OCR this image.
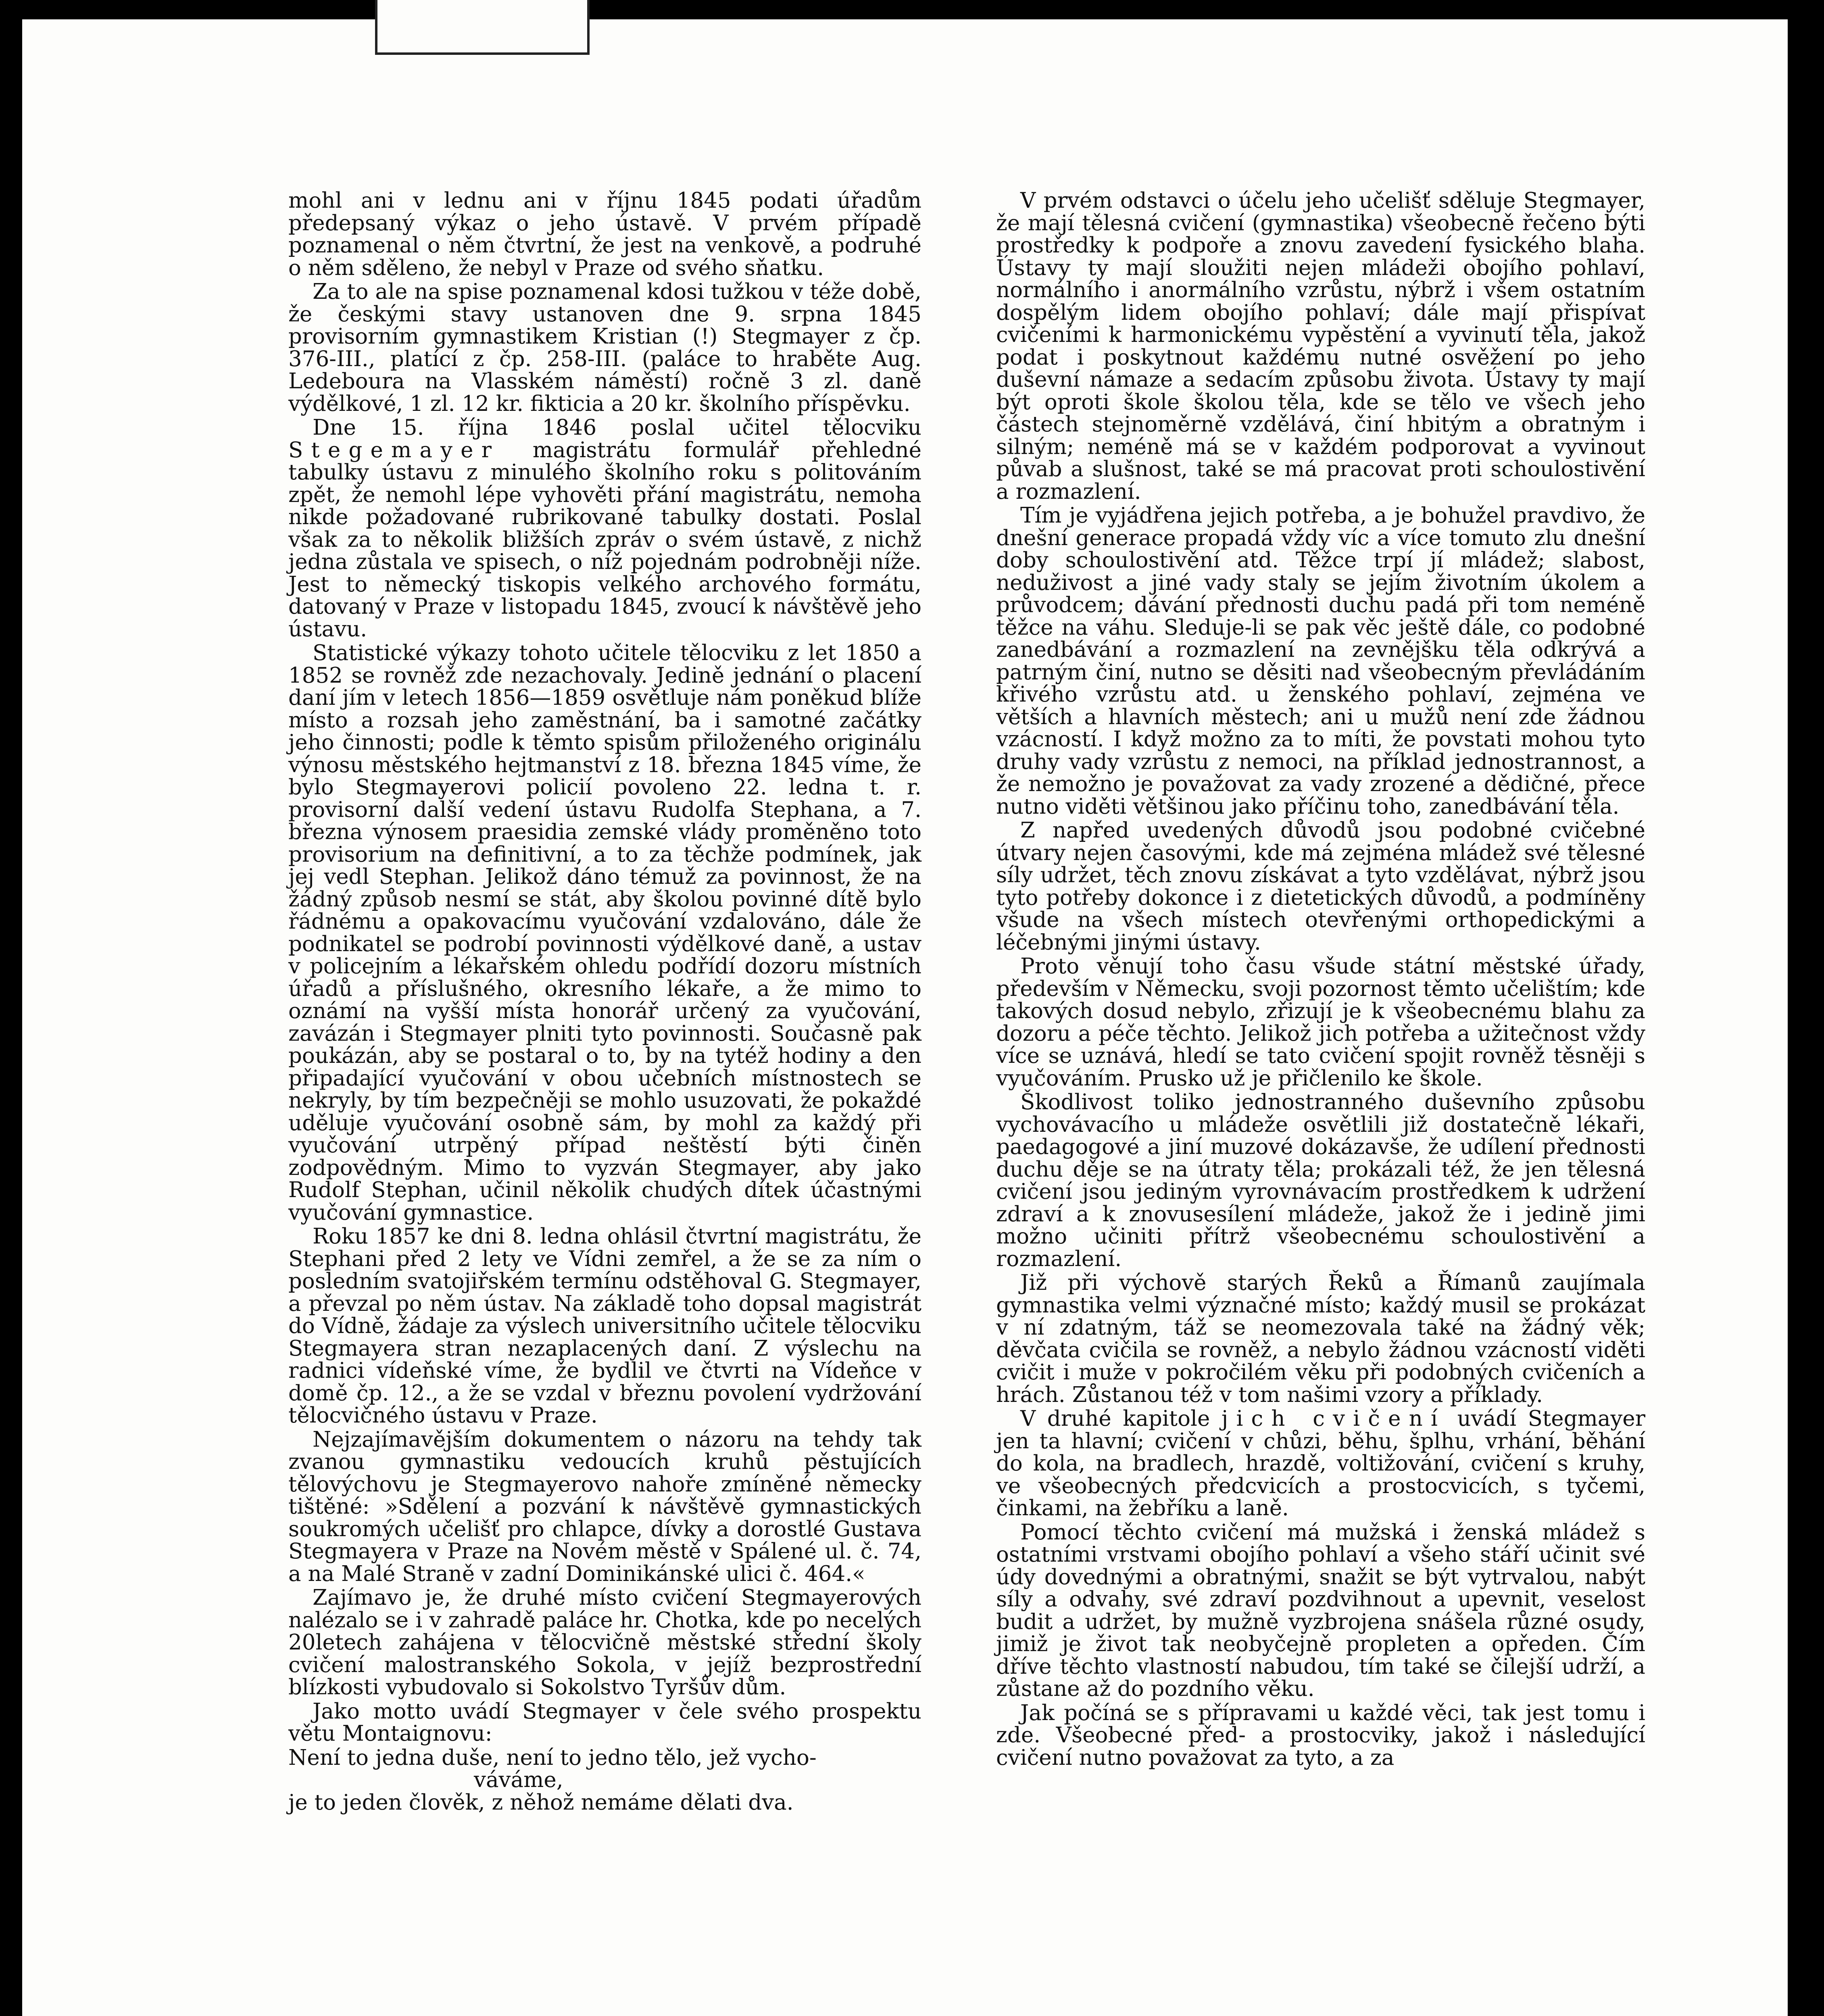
mohl ani v lednu ani v říjnu 1845 podati úřadům předepsaný výkaz o jeho ústavě. V prvém případě poznamenal o něm čtvrtní, že jest na venkově, a podruhé o něm sděleno, že nebyl v Praze od svého sňatku.

Za to ale na spise poznamenal kdosi tužkou v téže době, že českými stavy ustanoven dne 9. srpna 1845 provisorním gymnastikem Kristian (!) Stegmayer z čp. 376-III., platící z čp. 258-III. (paláce to hraběte Aug. Ledeboura na Vlasském náměstí) ročně 3 zl. daně výdělkové, 1 zl. 12 kr. fikticia a 20 kr. školního příspěvku.

Dne 15. října 1846 poslal učitel tělocviku Stegemayer magistrátu formulář přehledné tabulky ústavu z minulého školního roku s politováním zpět, že nemohl lépe vyhověti přání magistrátu, nemoha nikde požadované rubrikované tabulky dostati. Poslal však za to několik bližších zpráv o svém ústavě, z nichž jedna zůstala ve spisech, o níž pojednám podrobněji níže. Jest to německý tiskopis velkého archového formátu, datovaný v Praze v listopadu 1845, zvoucí k návštěvě jeho ústavu.

Statistické výkazy tohoto učitele tělocviku z let 1850 a 1852 se rovněž zde nezachovaly. Jedině jednání o placení daní jím v letech 1856—1859 osvětluje nám poněkud blíže místo a rozsah jeho zaměstnání, ba i samotné začátky jeho činnosti; podle k těmto spisům přiloženého originálu výnosu městského hejtmanství z 18. března 1845 víme, že bylo Stegmayerovi policií povoleno 22. ledna t. r. provisorní další vedení ústavu Rudolfa Stephana, a 7. března výnosem praesidia zemské vlády proměněno toto provisorium na definitivní, a to za těchže podmínek, jak jej vedl Stephan. Jelikož dáno témuž za povinnost, že na žádný způsob nesmí se stát, aby školou povinné dítě bylo řádnému a opakovacímu vyučování vzdalováno, dále že podnikatel se podrobí povinnosti výdělkové daně, a ustav v policejním a lékařském ohledu podřídí dozoru místních úřadů a příslušného, okresního lékaře, a že mimo to oznámí na vyšší místa honorář určený za vyučování, zavázán i Stegmayer plniti tyto povinnosti. Současně pak poukázán, aby se postaral o to, by na tytéž hodiny a den připadající vyučování v obou učebních místnostech se nekryly, by tím bezpečněji se mohlo usuzovati, že pokaždé uděluje vyučování osobně sám, by mohl za každý při vyučování utrpěný případ neštěstí býti činěn zodpovědným. Mimo to vyzván Stegmayer, aby jako Rudolf Stephan, učinil několik chudých dítek účastnými vyučování gymnastice.

Roku 1857 ke dni 8. ledna ohlásil čtvrtní magistrátu, že Stephani před 2 lety ve Vídni zemřel, a že se za ním o posledním svatojiřském termínu odstěhoval G. Stegmayer, a převzal po něm ústav. Na základě toho dopsal magistrát do Vídně, žádaje za výslech universitního učitele tělocviku Stegmayera stran nezaplacených daní. Z výslechu na radnici vídeňské víme, že bydlil ve čtvrti na Vídeňce v domě čp. 12., a že se vzdal v březnu povolení vydržování tělocvičného ústavu v Praze.

Nejzajímavějším dokumentem o názoru na tehdy tak zvanou gymnastiku vedoucích kruhů pěstujících tělovýchovu je Stegmayerovo nahoře zmíněné německy tištěné: »Sdělení a pozvání k návštěvě gymnastických soukromých učelišť pro chlapce, dívky a dorostlé Gustava Stegmayera v Praze na Novém městě v Spálené ul. č. 74, a na Malé Straně v zadní Dominikánské ulici č. 464.«

Zajímavo je, že druhé místo cvičení Stegmayerových nalézalo se i v zahradě paláce hr. Chotka, kde po necelých 20letech zahájena v tělocvičně městské střední školy cvičení malostranského Sokola, v jejíž bezprostřední blízkosti vybudovalo si Sokolstvo Tyršův dům.

Jako motto uvádí Stegmayer v čele svého prospektu větu Montaignovu:

Není to jedna duše, není to jedno tělo, jež vycho-
váváme,
je to jeden člověk, z něhož nemáme dělati dva.

V prvém odstavci o účelu jeho učelišť sděluje Stegmayer, že mají tělesná cvičení (gymnastika) všeobecně řečeno býti prostředky k podpoře a znovu zavedení fysického blaha. Ústavy ty mají sloužiti nejen mládeži obojího pohlaví, normálního i anormálního vzrůstu, nýbrž i všem ostatním dospělým lidem obojího pohlaví; dále mají přispívat cvičeními k harmonickému vypěstění a vyvinutí těla, jakož podat i poskytnout každému nutné osvěžení po jeho duševní námaze a sedacím způsobu života. Ústavy ty mají být oproti škole školou těla, kde se tělo ve všech jeho částech stejnoměrně vzdělává, činí hbitým a obratným i silným; neméně má se v každém podporovat a vyvinout půvab a slušnost, také se má pracovat proti schoulostivění a rozmazlení.

Tím je vyjádřena jejich potřeba, a je bohužel pravdivo, že dnešní generace propadá vždy víc a více tomuto zlu dnešní doby schoulostivění atd. Těžce trpí jí mládež; slabost, neduživost a jiné vady staly se jejím životním úkolem a průvodcem; dávání přednosti duchu padá při tom neméně těžce na váhu. Sleduje-li se pak věc ještě dále, co podobné zanedbávání a rozmazlení na zevnějšku těla odkrývá a patrným činí, nutno se děsiti nad všeobecným převládáním křivého vzrůstu atd. u ženského pohlaví, zejména ve větších a hlavních městech; ani u mužů není zde žádnou vzácností. I když možno za to míti, že povstati mohou tyto druhy vady vzrůstu z nemoci, na příklad jednostrannost, a že nemožno je považovat za vady zrozené a dědičné, přece nutno viděti většinou jako příčinu toho, zanedbávání těla.

Z napřed uvedených důvodů jsou podobné cvičebné útvary nejen časovými, kde má zejména mládež své tělesné síly udržet, těch znovu získávat a tyto vzdělávat, nýbrž jsou tyto potřeby dokonce i z dietetických důvodů, a podmíněny všude na všech místech otevřenými orthopedickými a léčebnými jinými ústavy.

Proto věnují toho času všude státní městské úřady, především v Německu, svoji pozornost těmto učelištím; kde takových dosud nebylo, zřizují je k všeobecnému blahu za dozoru a péče těchto. Jelikož jich potřeba a užitečnost vždy více se uznává, hledí se tato cvičení spojit rovněž těsněji s vyučováním. Prusko už je přičlenilo ke škole.

Škodlivost toliko jednostranného duševního způsobu vychovávacího u mládeže osvětlili již dostatečně lékaři, paedagogové a jiní muzové dokázavše, že udílení přednosti duchu děje se na útraty těla; prokázali též, že jen tělesná cvičení jsou jediným vyrovnávacím prostředkem k udržení zdraví a k znovusesílení mládeže, jakož že i jedině jimi možno učiniti přítrž všeobecnému schoulostivění a rozmazlení.

Již při výchově starých Řeků a Římanů zaujímala gymnastika velmi význačné místo; každý musil se prokázat v ní zdatným, táž se neomezovala také na žádný věk; děvčata cvičila se rovněž, a nebylo žádnou vzácností viděti cvičit i muže v pokročilém věku při podobných cvičeních a hrách. Zůstanou též v tom našimi vzory a příklady.

V druhé kapitole jich cvičení uvádí Stegmayer jen ta hlavní; cvičení v chůzi, běhu, šplhu, vrhání, běhání do kola, na bradlech, hrazdě, voltižování, cvičení s kruhy, ve všeobecných předcvicích a prostocvicích, s tyčemi, činkami, na žebříku a laně.

Pomocí těchto cvičení má mužská i ženská mládež s ostatními vrstvami obojího pohlaví a všeho stáří učinit své údy dovednými a obratnými, snažit se být vytrvalou, nabýt síly a odvahy, své zdraví pozdvihnout a upevnit, veselost budit a udržet, by mužně vyzbrojena snášela různé osudy, jimiž je život tak neobyčejně propleten a opředen. Čím dříve těchto vlastností nabudou, tím také se čilejší udrží, a zůstane až do pozdního věku.

Jak počíná se s přípravami u každé věci, tak jest tomu i zde. Všeobecné před- a prostocviky, jakož i následující cvičení nutno považovat za tyto, a za
